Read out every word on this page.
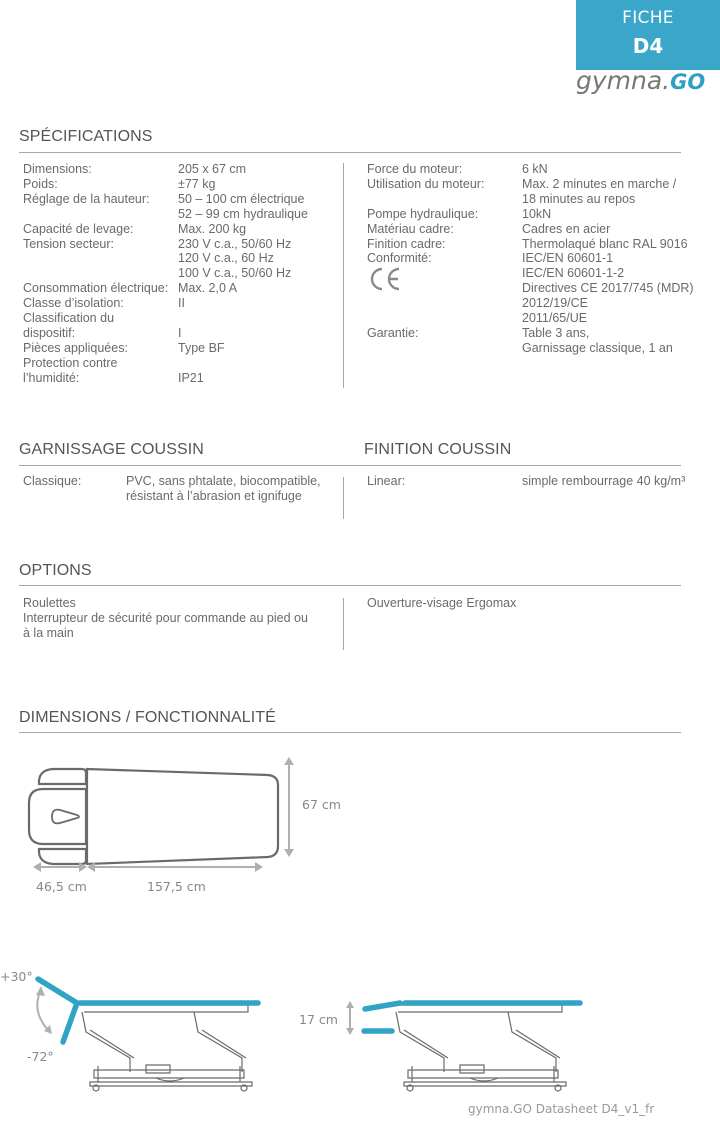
FICHE
D4
gymna.GO
SPÉCIFICATIONS
Dimensions:	205 x 67 cm
Poids:	±77 kg
Réglage de la hauteur:	50 – 100 cm électrique
52 – 99 cm hydraulique
Capacité de levage:	Max. 200 kg
Tension secteur:	230 V c.a., 50/60 Hz
120 V c.a., 60 Hz
100 V c.a., 50/60 Hz
Consommation électrique: Max. 2,0 A
Classe d’isolation:	II
Classification du
dispositif:	I
Pièces appliquées:	Type BF
Protection contre
l’humidité:	IP21
Force du moteur:	6 kN
Utilisation du moteur:	Max. 2 minutes en marche /
18 minutes au repos
Pompe hydraulique:	10kN
Matériau cadre:	Cadres en acier
Finition cadre:	Thermolaqué blanc RAL 9016
Conformité:	IEC/EN 60601-1
IEC/EN 60601-1-2
Directives CE 2017/745 (MDR)
2012/19/CE
2011/65/UE
Garantie:	Table 3 ans,
Garnissage classique, 1 an
GARNISSAGE COUSSIN	FINITION COUSSIN
Classique:	PVC, sans phtalate, biocompatible,
résistant à l’abrasion et ignifuge
Linear:	simple rembourrage 40 kg/m³
OPTIONS
Roulettes
Interrupteur de sécurité pour commande au pied ou
à la main
Ouverture-visage Ergomax
DIMENSIONS / FONCTIONNALITÉ
67 cm
46,5 cm	157,5 cm
+30°
-72°
17 cm
gymna.GO Datasheet D4_v1_fr
